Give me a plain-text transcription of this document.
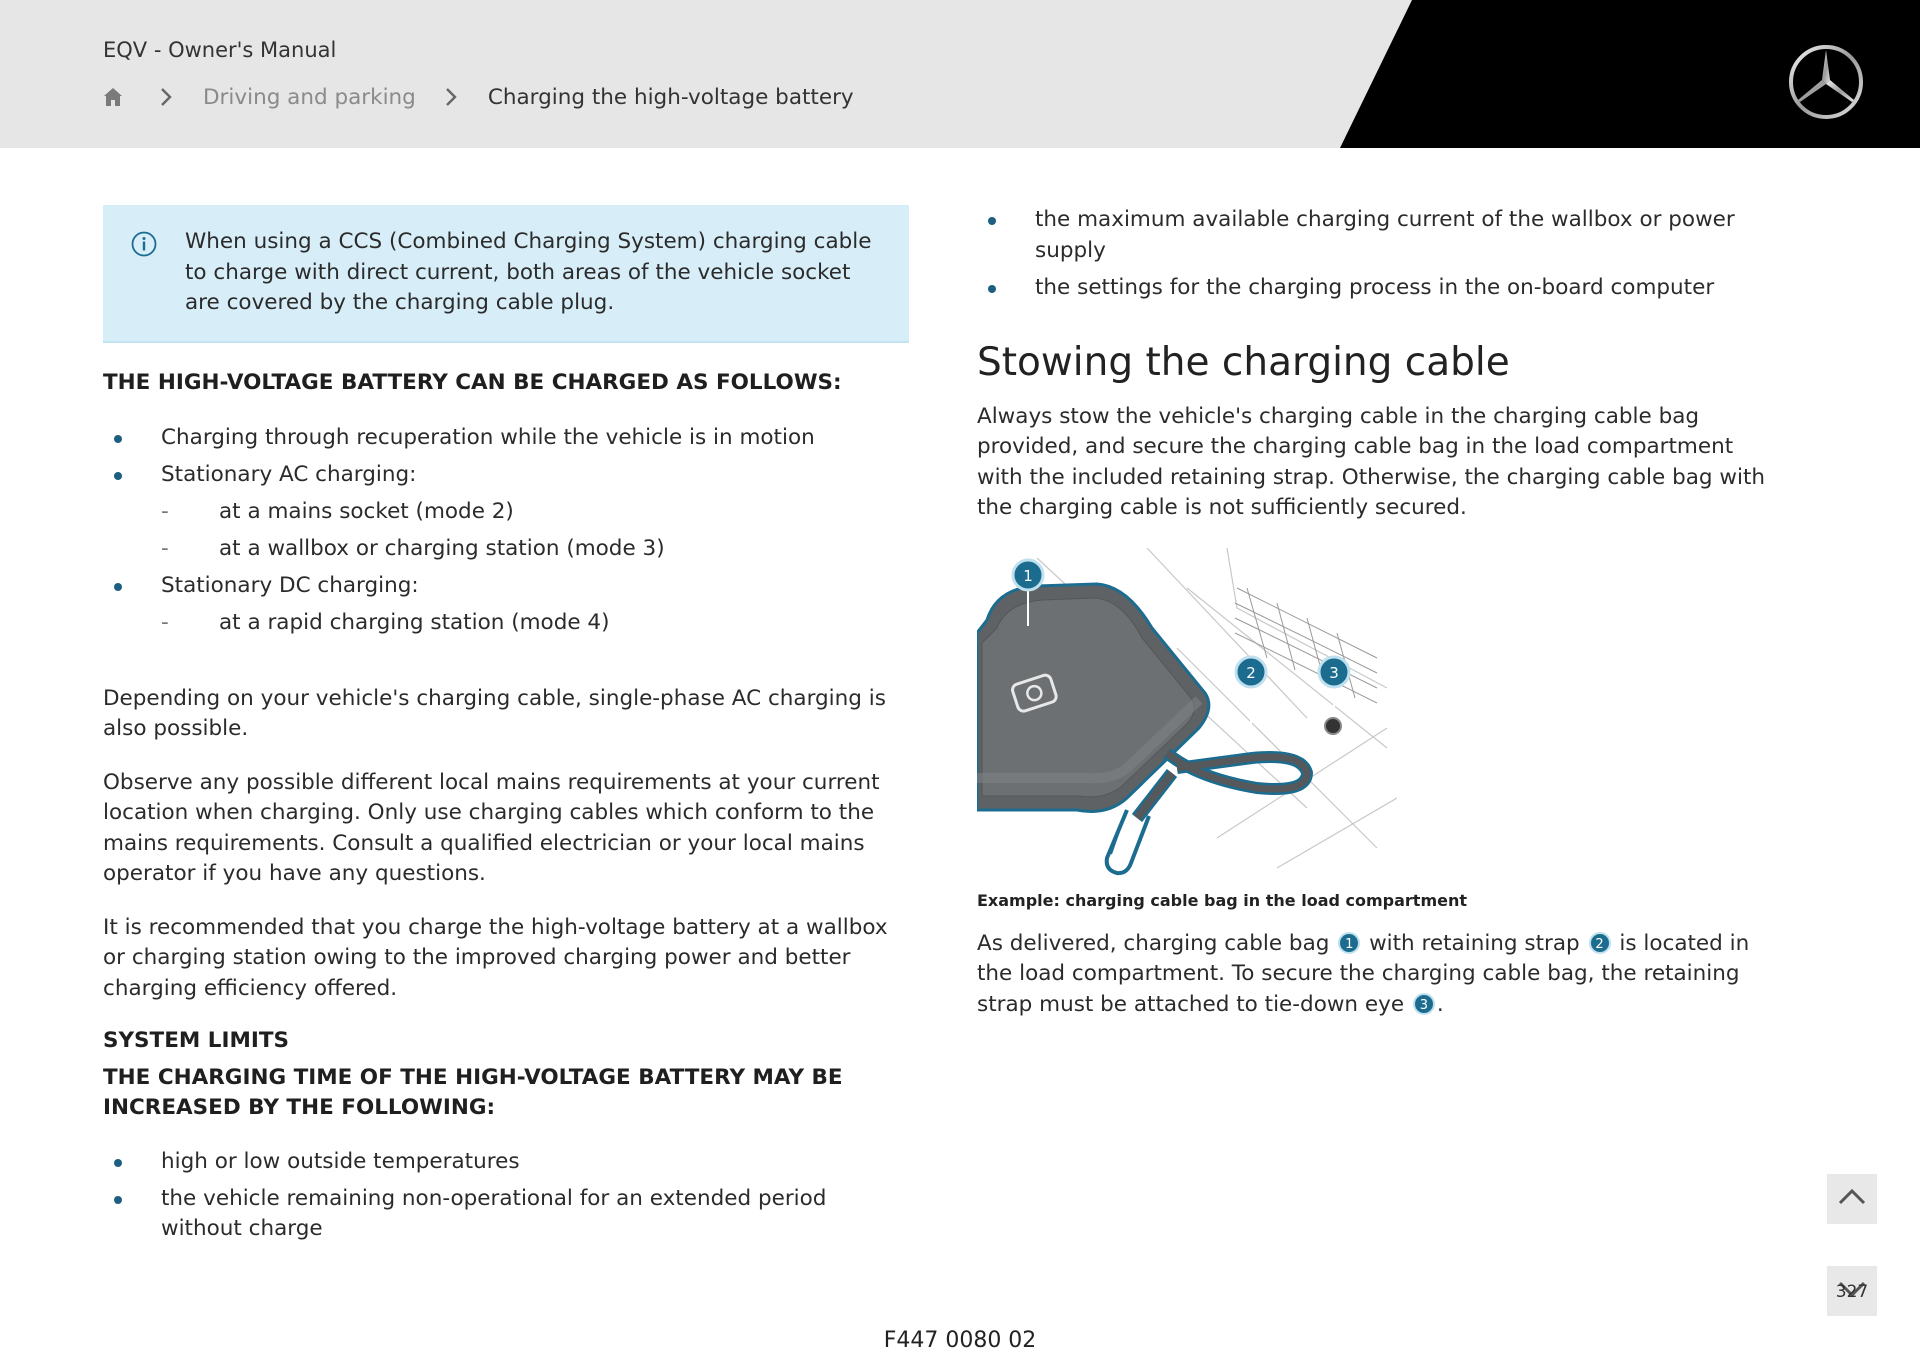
EQV - Owner's Manual
Driving and parking	Charging the high-voltage battery
When using a CCS (Combined Charging System) charging cable to charge with direct current, both areas of the vehicle socket are covered by the charging cable plug.
THE HIGH-VOLTAGE BATTERY CAN BE CHARGED AS FOLLOWS:
Charging through recuperation while the vehicle is in motion
Stationary AC charging:
- at a mains socket (mode 2)
- at a wallbox or charging station (mode 3)
Stationary DC charging:
- at a rapid charging station (mode 4)

Depending on your vehicle's charging cable, single-phase AC charging is also possible.

Observe any possible different local mains requirements at your current location when charging. Only use charging cables which conform to the mains requirements. Consult a qualified electrician or your local mains operator if you have any questions.

It is recommended that you charge the high-voltage battery at a wallbox or charging station owing to the improved charging power and better charging efficiency offered.

SYSTEM LIMITS
THE CHARGING TIME OF THE HIGH-VOLTAGE BATTERY MAY BE INCREASED BY THE FOLLOWING:
high or low outside temperatures
the vehicle remaining non-operational for an extended period without charge
the maximum available charging current of the wallbox or power supply
the settings for the charging process in the on-board computer
Stowing the charging cable

Always stow the vehicle's charging cable in the charging cable bag provided, and secure the charging cable bag in the load compartment with the included retaining strap. Otherwise, the charging cable bag with the charging cable is not sufficiently secured.

1
2	3
Example: charging cable bag in the load compartment

As delivered, charging cable bag 1 with retaining strap 2 is located in the load compartment. To secure the charging cable bag, the retaining strap must be attached to tie-down eye 3 .

327
F447 0080 02
